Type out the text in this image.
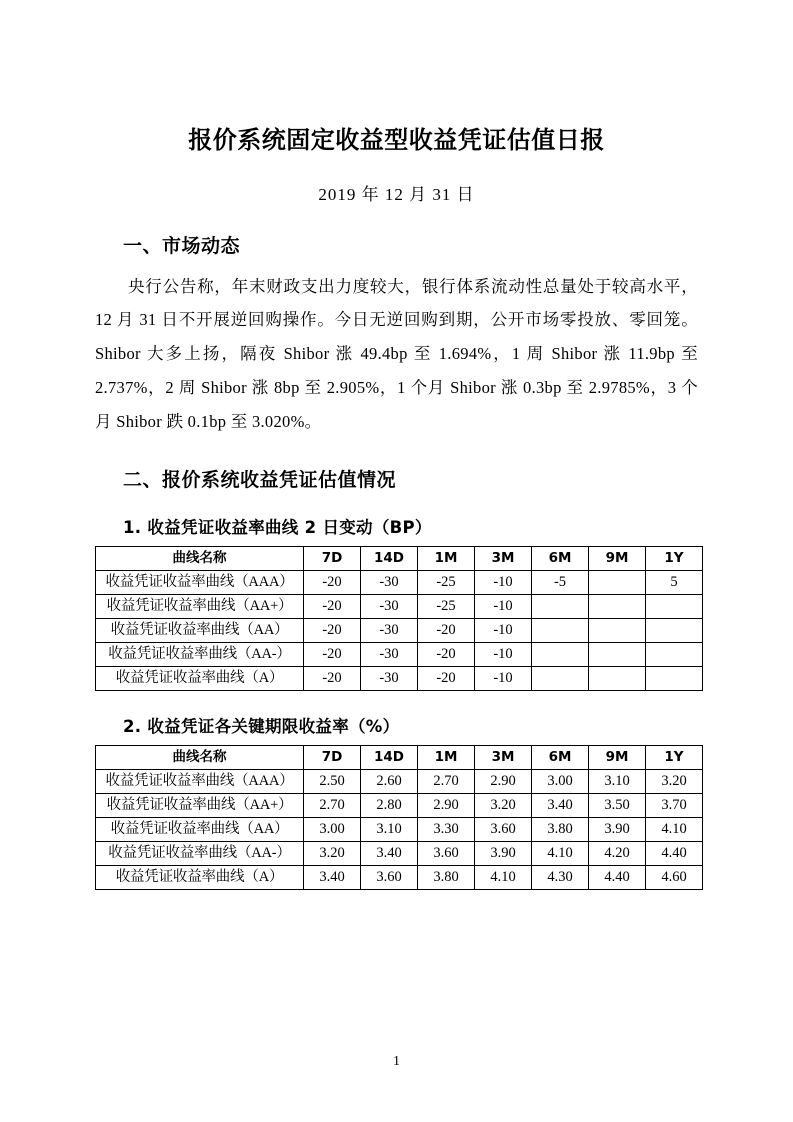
报价系统固定收益型收益凭证估值日报
2019 年 12 月 31 日
一、市场动态

央行公告称，年末财政支出力度较大，银行体系流动性总量处于较高水平，12 月 31 日不开展逆回购操作。今日无逆回购到期，公开市场零投放、零回笼。Shibor 大多上扬，隔夜 Shibor 涨 49.4bp 至 1.694%，1 周 Shibor 涨 11.9bp 至 2.737%，2 周 Shibor 涨 8bp 至 2.905%，1 个月 Shibor 涨 0.3bp 至 2.9785%，3 个月 Shibor 跌 0.1bp 至 3.020%。

二、报价系统收益凭证估值情况
1. 收益凭证收益率曲线 2 日变动（BP）
曲线名称	7D	14D	1M	3M	6M	9M	1Y
收益凭证收益率曲线（AAA）	-20	-30	-25	-10	-5		5
收益凭证收益率曲线（AA+）	-20	-30	-25	-10			
收益凭证收益率曲线（AA）	-20	-30	-20	-10			
收益凭证收益率曲线（AA-）	-20	-30	-20	-10			
收益凭证收益率曲线（A）	-20	-30	-20	-10			
2. 收益凭证各关键期限收益率（%）
曲线名称	7D	14D	1M	3M	6M	9M	1Y
收益凭证收益率曲线（AAA）	2.50	2.60	2.70	2.90	3.00	3.10	3.20
收益凭证收益率曲线（AA+）	2.70	2.80	2.90	3.20	3.40	3.50	3.70
收益凭证收益率曲线（AA）	3.00	3.10	3.30	3.60	3.80	3.90	4.10
收益凭证收益率曲线（AA-）	3.20	3.40	3.60	3.90	4.10	4.20	4.40
收益凭证收益率曲线（A）	3.40	3.60	3.80	4.10	4.30	4.40	4.60
1
